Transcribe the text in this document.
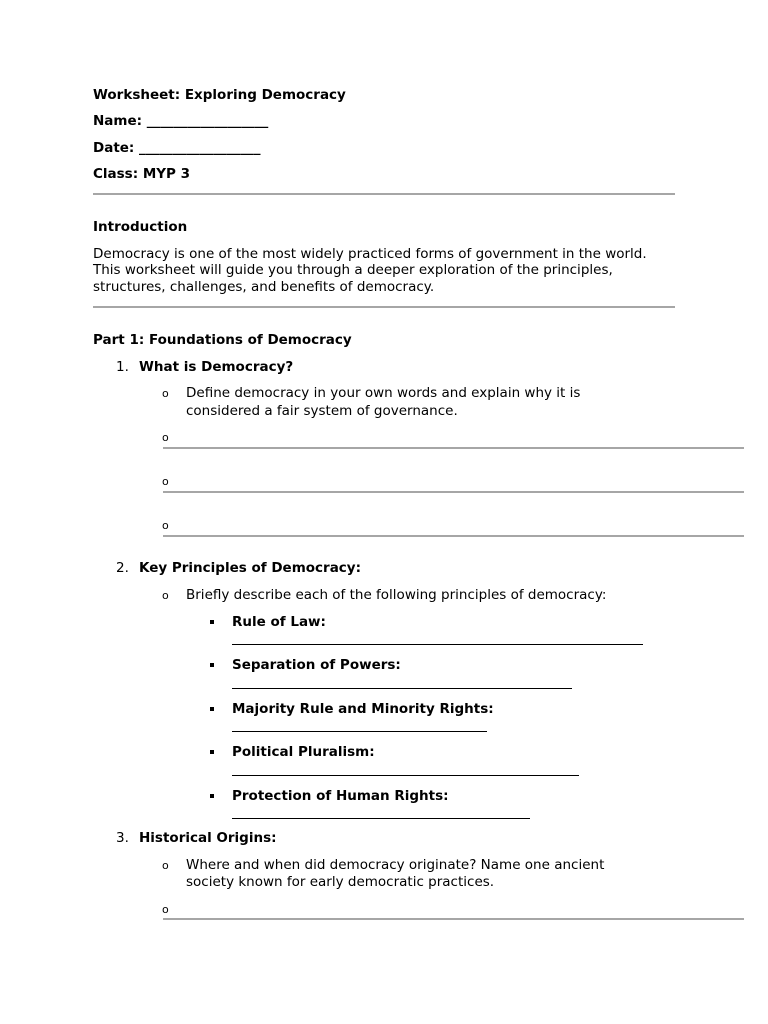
Worksheet: Exploring Democracy
Name: __________________
Date: __________________
Class: MYP 3
Introduction
Democracy is one of the most widely practiced forms of government in the world.
This worksheet will guide you through a deeper exploration of the principles,
structures, challenges, and benefits of democracy.
Part 1: Foundations of Democracy
1. What is Democracy?
o Define democracy in your own words and explain why it is
considered a fair system of governance.
o
o
o
2. Key Principles of Democracy:
o Briefly describe each of the following principles of democracy:
Rule of Law:
Separation of Powers:
Majority Rule and Minority Rights:
Political Pluralism:
Protection of Human Rights:
3. Historical Origins:
o Where and when did democracy originate? Name one ancient
society known for early democratic practices.
o
